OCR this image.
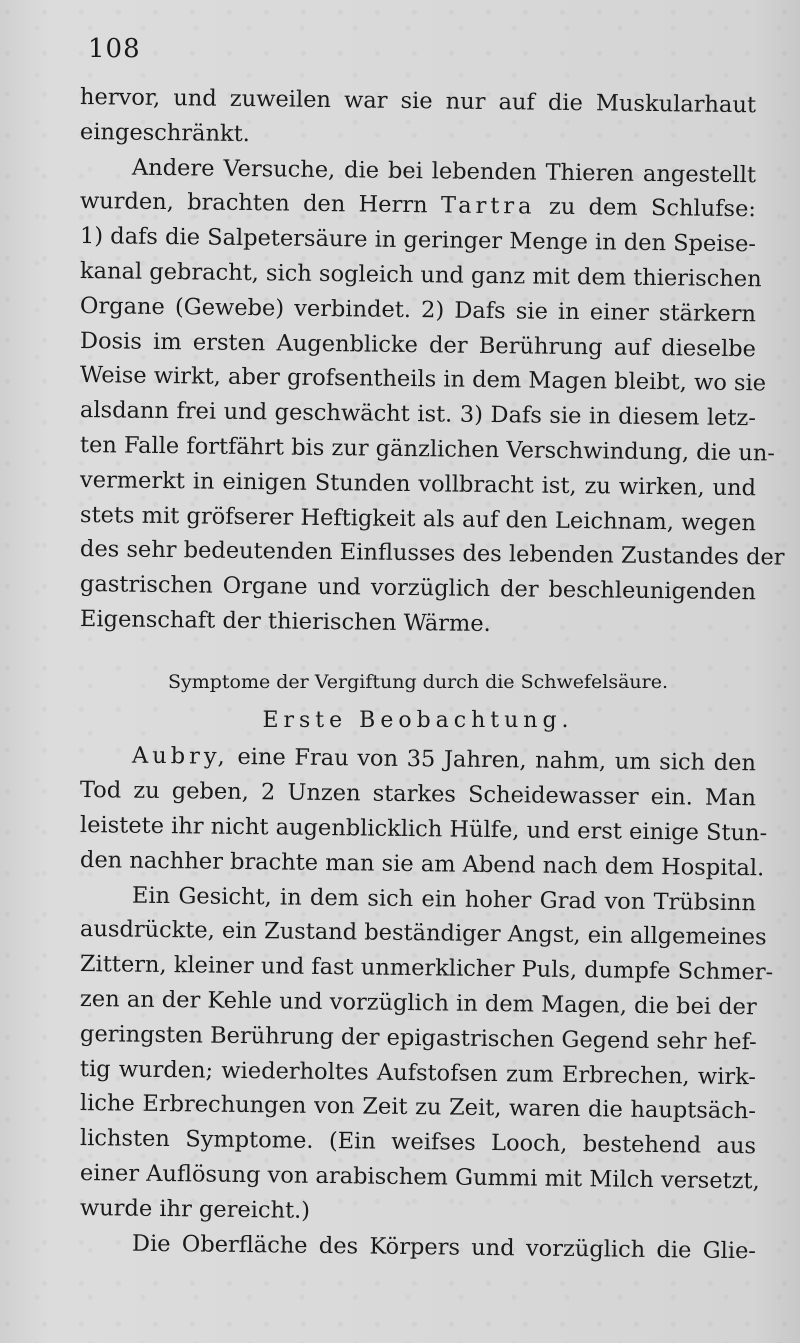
108
hervor, und zuweilen war sie nur auf die Muskularhaut
eingeschränkt.
Andere Versuche, die bei lebenden Thieren angestellt
wurden, brachten den Herrn Tartra zu dem Schlufse:
1) dafs die Salpetersäure in geringer Menge in den Speise-
kanal gebracht, sich sogleich und ganz mit dem thierischen
Organe (Gewebe) verbindet. 2) Dafs sie in einer stärkern
Dosis im ersten Augenblicke der Berührung auf dieselbe
Weise wirkt, aber grofsentheils in dem Magen bleibt, wo sie
alsdann frei und geschwächt ist. 3) Dafs sie in diesem letz-
ten Falle fortfährt bis zur gänzlichen Verschwindung, die un-
vermerkt in einigen Stunden vollbracht ist, zu wirken, und
stets mit gröfserer Heftigkeit als auf den Leichnam, wegen
des sehr bedeutenden Einflusses des lebenden Zustandes der
gastrischen Organe und vorzüglich der beschleunigenden
Eigenschaft der thierischen Wärme.
Symptome der Vergiftung durch die Schwefelsäure.
Erste Beobachtung.
Aubry, eine Frau von 35 Jahren, nahm, um sich den
Tod zu geben, 2 Unzen starkes Scheidewasser ein. Man
leistete ihr nicht augenblicklich Hülfe, und erst einige Stun-
den nachher brachte man sie am Abend nach dem Hospital.
Ein Gesicht, in dem sich ein hoher Grad von Trübsinn
ausdrückte, ein Zustand beständiger Angst, ein allgemeines
Zittern, kleiner und fast unmerklicher Puls, dumpfe Schmer-
zen an der Kehle und vorzüglich in dem Magen, die bei der
geringsten Berührung der epigastrischen Gegend sehr hef-
tig wurden; wiederholtes Aufstofsen zum Erbrechen, wirk-
liche Erbrechungen von Zeit zu Zeit, waren die hauptsäch-
lichsten Symptome. (Ein weifses Looch, bestehend aus
einer Auflösung von arabischem Gummi mit Milch versetzt,
wurde ihr gereicht.)
Die Oberfläche des Körpers und vorzüglich die Glie-
